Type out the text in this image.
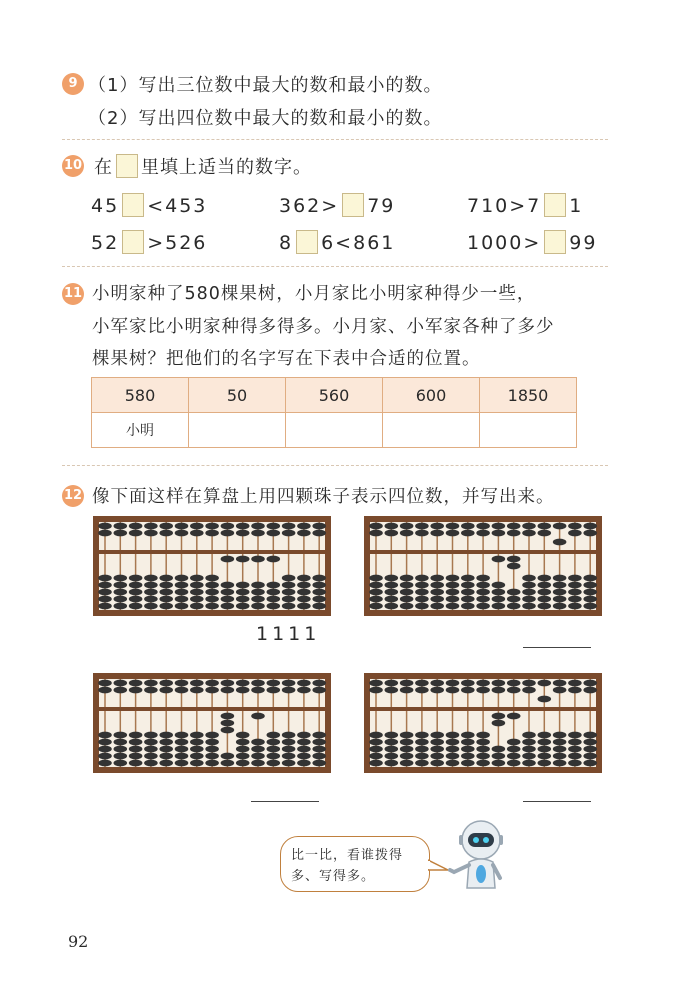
9 （1）写出三位数中最大的数和最小的数。
（2）写出四位数中最大的数和最小的数。
10 在 里填上适当的数字。
45 <453	362> 79	710>7 1
52 >526	8 6<861	1000> 99
11 小明家种了580棵果树，小月家比小明家种得少一些，
小军家比小明家种得多得多。小月家、小军家各种了多少
棵果树？把他们的名字写在下表中合适的位置。
580	50	560	600	1850
小明				
12 像下面这样在算盘上用四颗珠子表示四位数，并写出来。
1111
比一比，看谁拨得
多、写得多。
92
